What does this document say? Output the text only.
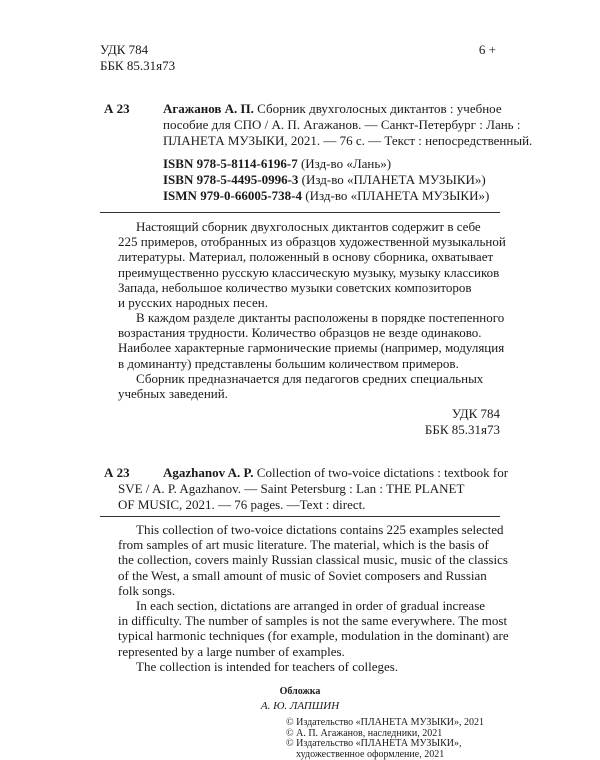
УДК 784
ББК 85.31я73
6 +
А 23	Агажанов А. П. Сборник двухголосных диктантов : учебное
пособие для СПО / А. П. Агажанов. — Санкт-Петербург : Лань :
ПЛАНЕТА МУЗЫКИ, 2021. — 76 с. — Текст : непосредственный.
ISBN 978-5-8114-6196-7 (Изд-во «Лань»)
ISBN 978-5-4495-0996-3 (Изд-во «ПЛАНЕТА МУЗЫКИ»)
ISMN 979-0-66005-738-4 (Изд-во «ПЛАНЕТА МУЗЫКИ»)
Настоящий сборник двухголосных диктантов содержит в себе
225 примеров, отобранных из образцов художественной музыкальной
литературы. Материал, положенный в основу сборника, охватывает
преимущественно русскую классическую музыку, музыку классиков
Запада, небольшое количество музыки советских композиторов
и русских народных песен.
В каждом разделе диктанты расположены в порядке постепенного
возрастания трудности. Количество образцов не везде одинаково.
Наиболее характерные гармонические приемы (например, модуляция
в доминанту) представлены большим количеством примеров.
Сборник предназначается для педагогов средних специальных
учебных заведений.
УДК 784
ББК 85.31я73
А 23	Agazhanov A. P. Collection of two-voice dictations : textbook for
SVE / A. P. Agazhanov. — Saint Petersburg : Lan : THE PLANET
OF MUSIC, 2021. — 76 pages. —Text : direct.
This collection of two-voice dictations contains 225 examples selected
from samples of art music literature. The material, which is the basis of
the collection, covers mainly Russian classical music, music of the classics
of the West, a small amount of music of Soviet composers and Russian
folk songs.
In each section, dictations are arranged in order of gradual increase
in difficulty. The number of samples is not the same everywhere. The most
typical harmonic techniques (for example, modulation in the dominant) are
represented by a large number of examples.
The collection is intended for teachers of colleges.
Обложка
А. Ю. ЛАПШИН
© Издательство «ПЛАНЕТА МУЗЫКИ», 2021
© А. П. Агажанов, наследники, 2021
© Издательство «ПЛАНЕТА МУЗЫКИ»,
художественное оформление, 2021
